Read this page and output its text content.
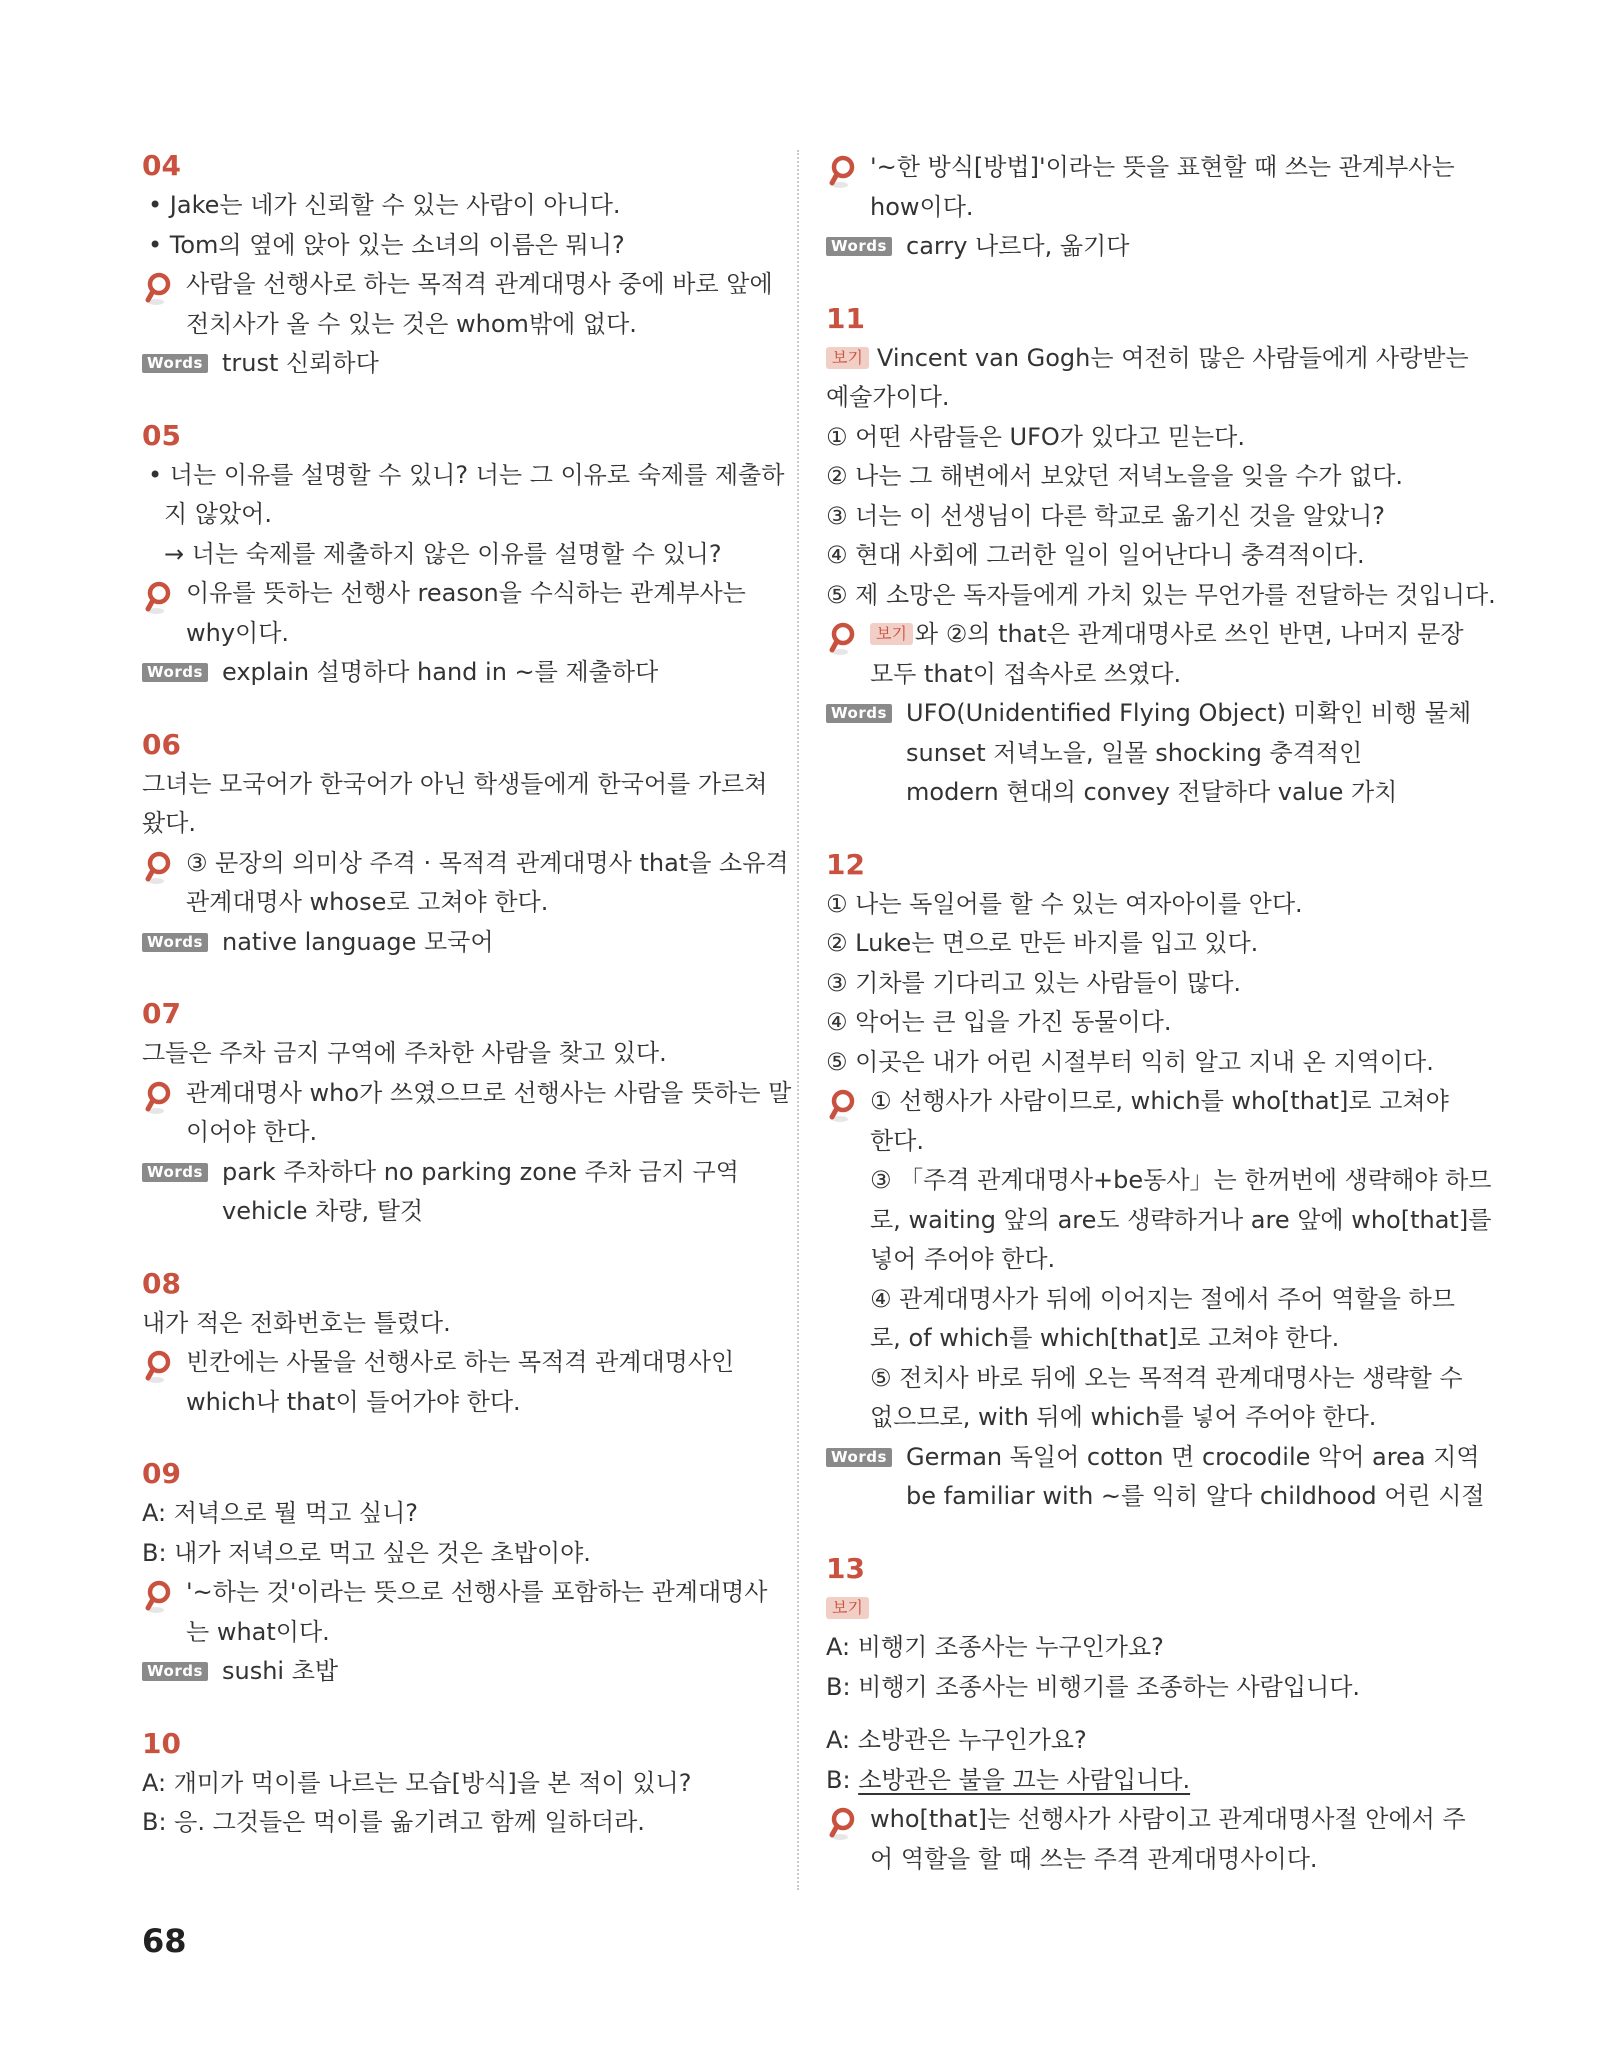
04
• Jake는 네가 신뢰할 수 있는 사람이 아니다.
• Tom의 옆에 앉아 있는 소녀의 이름은 뭐니?
사람을 선행사로 하는 목적격 관계대명사 중에 바로 앞에
전치사가 올 수 있는 것은 whom밖에 없다.
Words trust 신뢰하다
05
• 너는 이유를 설명할 수 있니? 너는 그 이유로 숙제를 제출하
지 않았어.
→ 너는 숙제를 제출하지 않은 이유를 설명할 수 있니?
이유를 뜻하는 선행사 reason을 수식하는 관계부사는
why이다.
Words explain 설명하다 hand in ~를 제출하다
06
그녀는 모국어가 한국어가 아닌 학생들에게 한국어를 가르쳐
왔다.
③ 문장의 의미상 주격 · 목적격 관계대명사 that을 소유격
관계대명사 whose로 고쳐야 한다.
Words native language 모국어
07
그들은 주차 금지 구역에 주차한 사람을 찾고 있다.
관계대명사 who가 쓰였으므로 선행사는 사람을 뜻하는 말
이어야 한다.
Words park 주차하다 no parking zone 주차 금지 구역
vehicle 차량, 탈것
08
내가 적은 전화번호는 틀렸다.
빈칸에는 사물을 선행사로 하는 목적격 관계대명사인
which나 that이 들어가야 한다.
09
A: 저녁으로 뭘 먹고 싶니?
B: 내가 저녁으로 먹고 싶은 것은 초밥이야.
'~하는 것'이라는 뜻으로 선행사를 포함하는 관계대명사
는 what이다.
Words sushi 초밥
10
A: 개미가 먹이를 나르는 모습[방식]을 본 적이 있니?
B: 응. 그것들은 먹이를 옮기려고 함께 일하더라.
'~한 방식[방법]'이라는 뜻을 표현할 때 쓰는 관계부사는
how이다.
Words carry 나르다, 옮기다
11
보기 Vincent van Gogh는 여전히 많은 사람들에게 사랑받는
예술가이다.
① 어떤 사람들은 UFO가 있다고 믿는다.
② 나는 그 해변에서 보았던 저녁노을을 잊을 수가 없다.
③ 너는 이 선생님이 다른 학교로 옮기신 것을 알았니?
④ 현대 사회에 그러한 일이 일어난다니 충격적이다.
⑤ 제 소망은 독자들에게 가치 있는 무언가를 전달하는 것입니다.
보기 와 ②의 that은 관계대명사로 쓰인 반면, 나머지 문장
모두 that이 접속사로 쓰였다.
Words UFO(Unidentified Flying Object) 미확인 비행 물체
sunset 저녁노을, 일몰 shocking 충격적인
modern 현대의 convey 전달하다 value 가치
12
① 나는 독일어를 할 수 있는 여자아이를 안다.
② Luke는 면으로 만든 바지를 입고 있다.
③ 기차를 기다리고 있는 사람들이 많다.
④ 악어는 큰 입을 가진 동물이다.
⑤ 이곳은 내가 어린 시절부터 익히 알고 지내 온 지역이다.
① 선행사가 사람이므로, which를 who[that]로 고쳐야
한다.
③ 「주격 관계대명사+be동사」는 한꺼번에 생략해야 하므
로, waiting 앞의 are도 생략하거나 are 앞에 who[that]를
넣어 주어야 한다.
④ 관계대명사가 뒤에 이어지는 절에서 주어 역할을 하므
로, of which를 which[that]로 고쳐야 한다.
⑤ 전치사 바로 뒤에 오는 목적격 관계대명사는 생략할 수
없으므로, with 뒤에 which를 넣어 주어야 한다.
Words German 독일어 cotton 면 crocodile 악어 area 지역
be familiar with ~를 익히 알다 childhood 어린 시절
13
보기
A: 비행기 조종사는 누구인가요?
B: 비행기 조종사는 비행기를 조종하는 사람입니다.
A: 소방관은 누구인가요?
B: 소방관은 불을 끄는 사람입니다.
who[that]는 선행사가 사람이고 관계대명사절 안에서 주
어 역할을 할 때 쓰는 주격 관계대명사이다.
68
